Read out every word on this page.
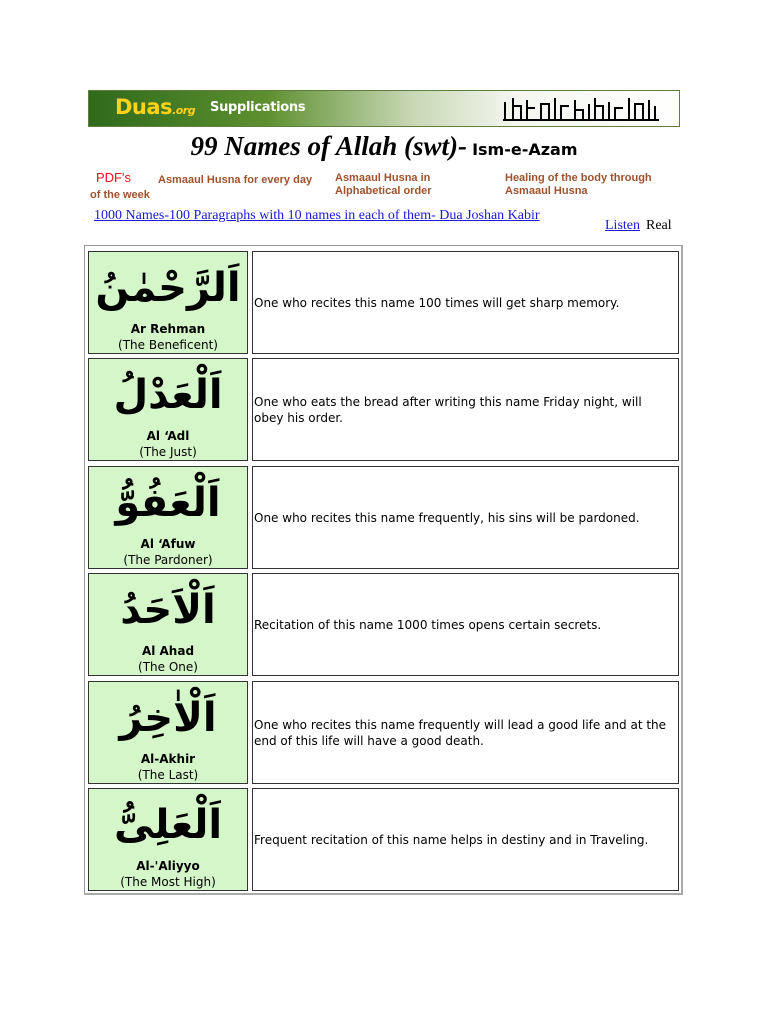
Duas.org Supplications
99 Names of Allah (swt)- Ism-e-Azam
PDF's
of the week
Asmaaul Husna for every day Asmaaul Husna in Alphabetical order
Healing of the body through Asmaaul Husna
1000 Names-100 Paragraphs with 10 names in each of them- Dua Joshan Kabir
Listen Real
اَلرَّحْمٰنُ
Ar Rehman
(The Beneficent)
One who recites this name 100 times will get sharp memory.
اَلْعَدْلُ
Al ‘Adl
(The Just)
One who eats the bread after writing this name Friday night, will obey his order.
اَلْعَفُوُّ
Al ‘Afuw
(The Pardoner)
One who recites this name frequently, his sins will be pardoned.
اَلْاَحَدُ
Al Ahad
(The One)
Recitation of this name 1000 times opens certain secrets.
اَلْاٰخِرُ
Al-Akhir
(The Last)
One who recites this name frequently will lead a good life and at the end of this life will have a good death.
اَلْعَلِىُّ
Al-'Aliyyo
(The Most High)
Frequent recitation of this name helps in destiny and in Traveling.
